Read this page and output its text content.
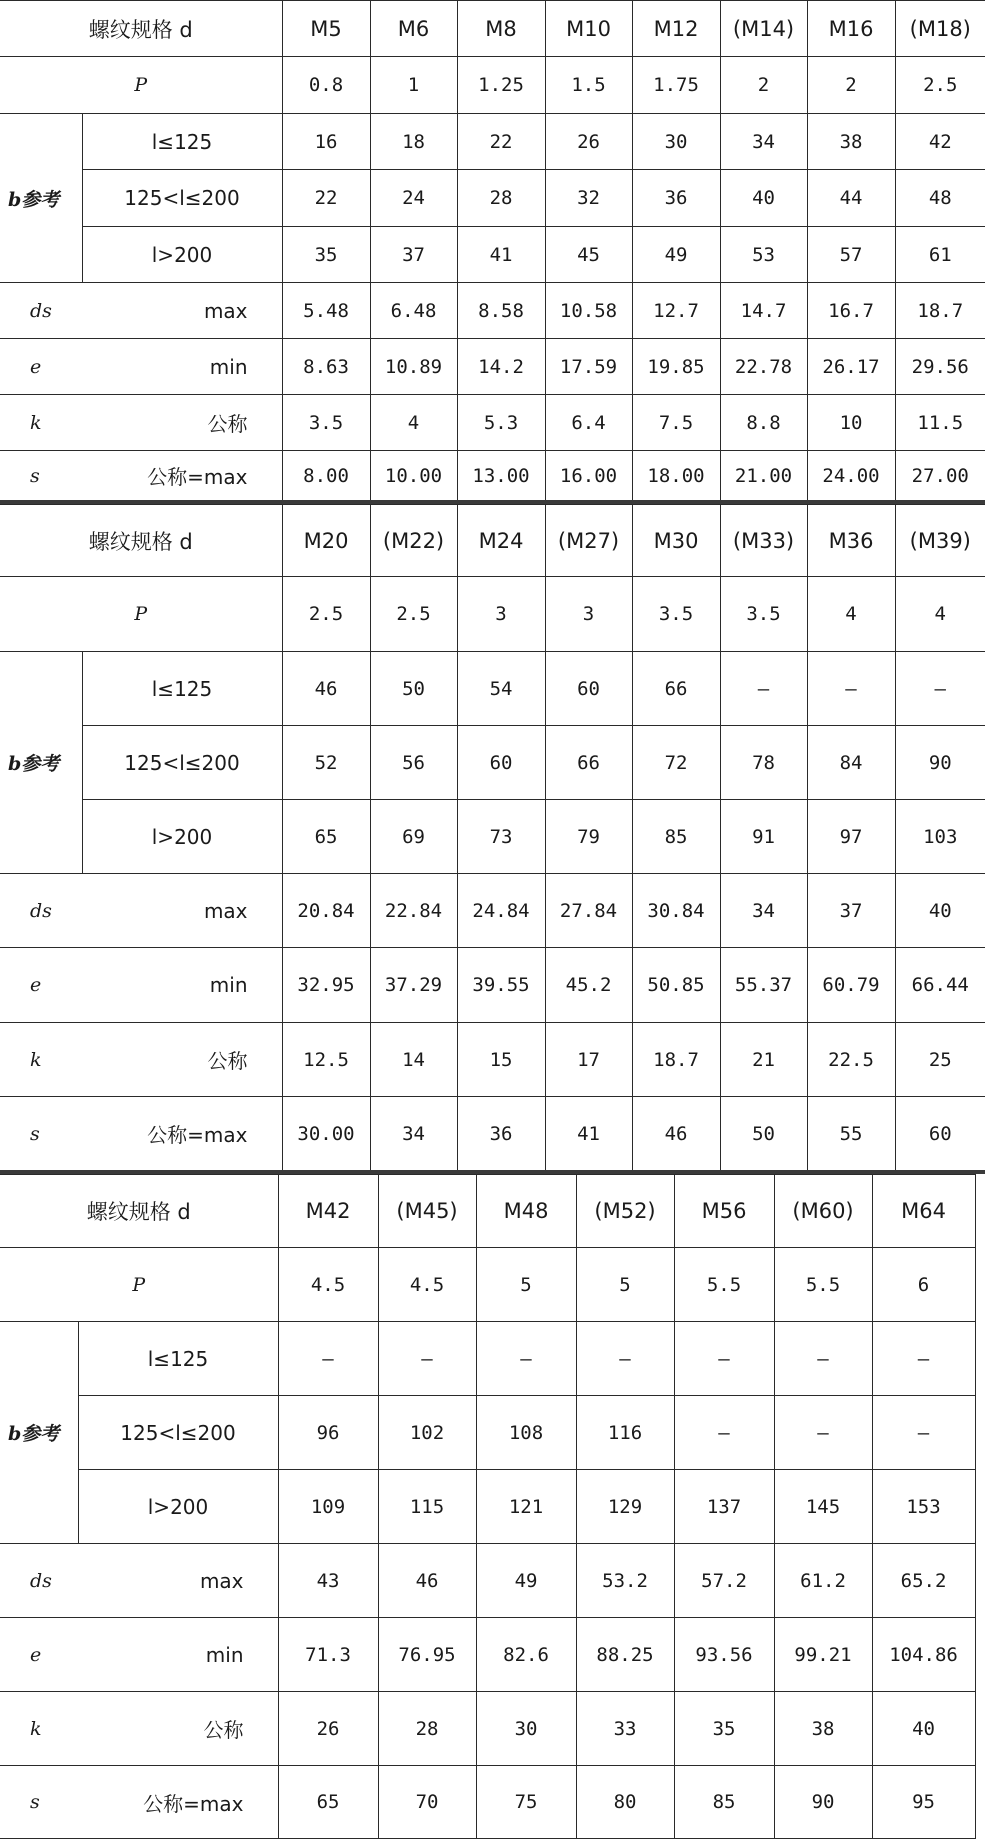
螺纹规格 d		M5	M6	M8	M10	M12	(M14)	M16	(M18)
P		0.8	1	1.25	1.5	1.75	2	2	2.5
b参考	l≤125	16	18	22	26	30	34	38	42
	125<l≤200	22	24	28	32	36	40	44	48
	l>200	35	37	41	45	49	53	57	61
ds	max	5.48	6.48	8.58	10.58	12.7	14.7	16.7	18.7
e	min	8.63	10.89	14.2	17.59	19.85	22.78	26.17	29.56
k	公称	3.5	4	5.3	6.4	7.5	8.8	10	11.5
s	公称=max	8.00	10.00	13.00	16.00	18.00	21.00	24.00	27.00
螺纹规格 d		M20	(M22)	M24	(M27)	M30	(M33)	M36	(M39)
P		2.5	2.5	3	3	3.5	3.5	4	4
b参考	l≤125	46	50	54	60	66	—	—	—
	125<l≤200	52	56	60	66	72	78	84	90
	l>200	65	69	73	79	85	91	97	103
ds	max	20.84	22.84	24.84	27.84	30.84	34	37	40
e	min	32.95	37.29	39.55	45.2	50.85	55.37	60.79	66.44
k	公称	12.5	14	15	17	18.7	21	22.5	25
s	公称=max	30.00	34	36	41	46	50	55	60
螺纹规格 d		M42	(M45)	M48	(M52)	M56	(M60)	M64
P		4.5	4.5	5	5	5.5	5.5	6
b参考	l≤125	—	—	—	—	—	—	—
	125<l≤200	96	102	108	116	—	—	—
	l>200	109	115	121	129	137	145	153
ds	max	43	46	49	53.2	57.2	61.2	65.2
e	min	71.3	76.95	82.6	88.25	93.56	99.21	104.86
k	公称	26	28	30	33	35	38	40
s	公称=max	65	70	75	80	85	90	95
